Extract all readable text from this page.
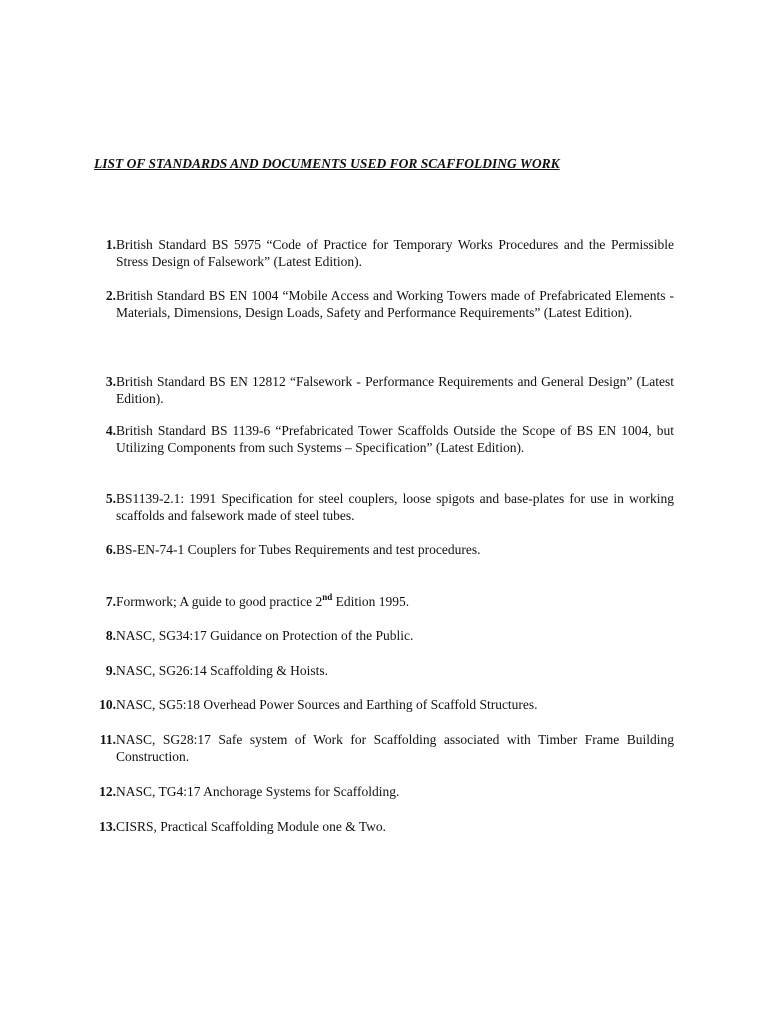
LIST OF STANDARDS AND DOCUMENTS USED FOR SCAFFOLDING WORK
1. British Standard BS 5975 “Code of Practice for Temporary Works Procedures and the Permissible Stress Design of Falsework” (Latest Edition).
2. British Standard BS EN 1004 “Mobile Access and Working Towers made of Prefabricated Elements - Materials, Dimensions, Design Loads, Safety and Performance Requirements” (Latest Edition).
3. British Standard BS EN 12812 “Falsework - Performance Requirements and General Design” (Latest Edition).
4. British Standard BS 1139-6 “Prefabricated Tower Scaffolds Outside the Scope of BS EN 1004, but Utilizing Components from such Systems – Specification” (Latest Edition).
5. BS1139-2.1: 1991 Specification for steel couplers, loose spigots and base-plates for use in working scaffolds and falsework made of steel tubes.
6. BS-EN-74-1 Couplers for Tubes Requirements and test procedures.
7. Formwork; A guide to good practice 2nd Edition 1995.
8. NASC, SG34:17 Guidance on Protection of the Public.
9. NASC, SG26:14 Scaffolding & Hoists.
10. NASC, SG5:18 Overhead Power Sources and Earthing of Scaffold Structures.
11. NASC, SG28:17 Safe system of Work for Scaffolding associated with Timber Frame Building Construction.
12. NASC, TG4:17 Anchorage Systems for Scaffolding.
13. CISRS, Practical Scaffolding Module one & Two.
